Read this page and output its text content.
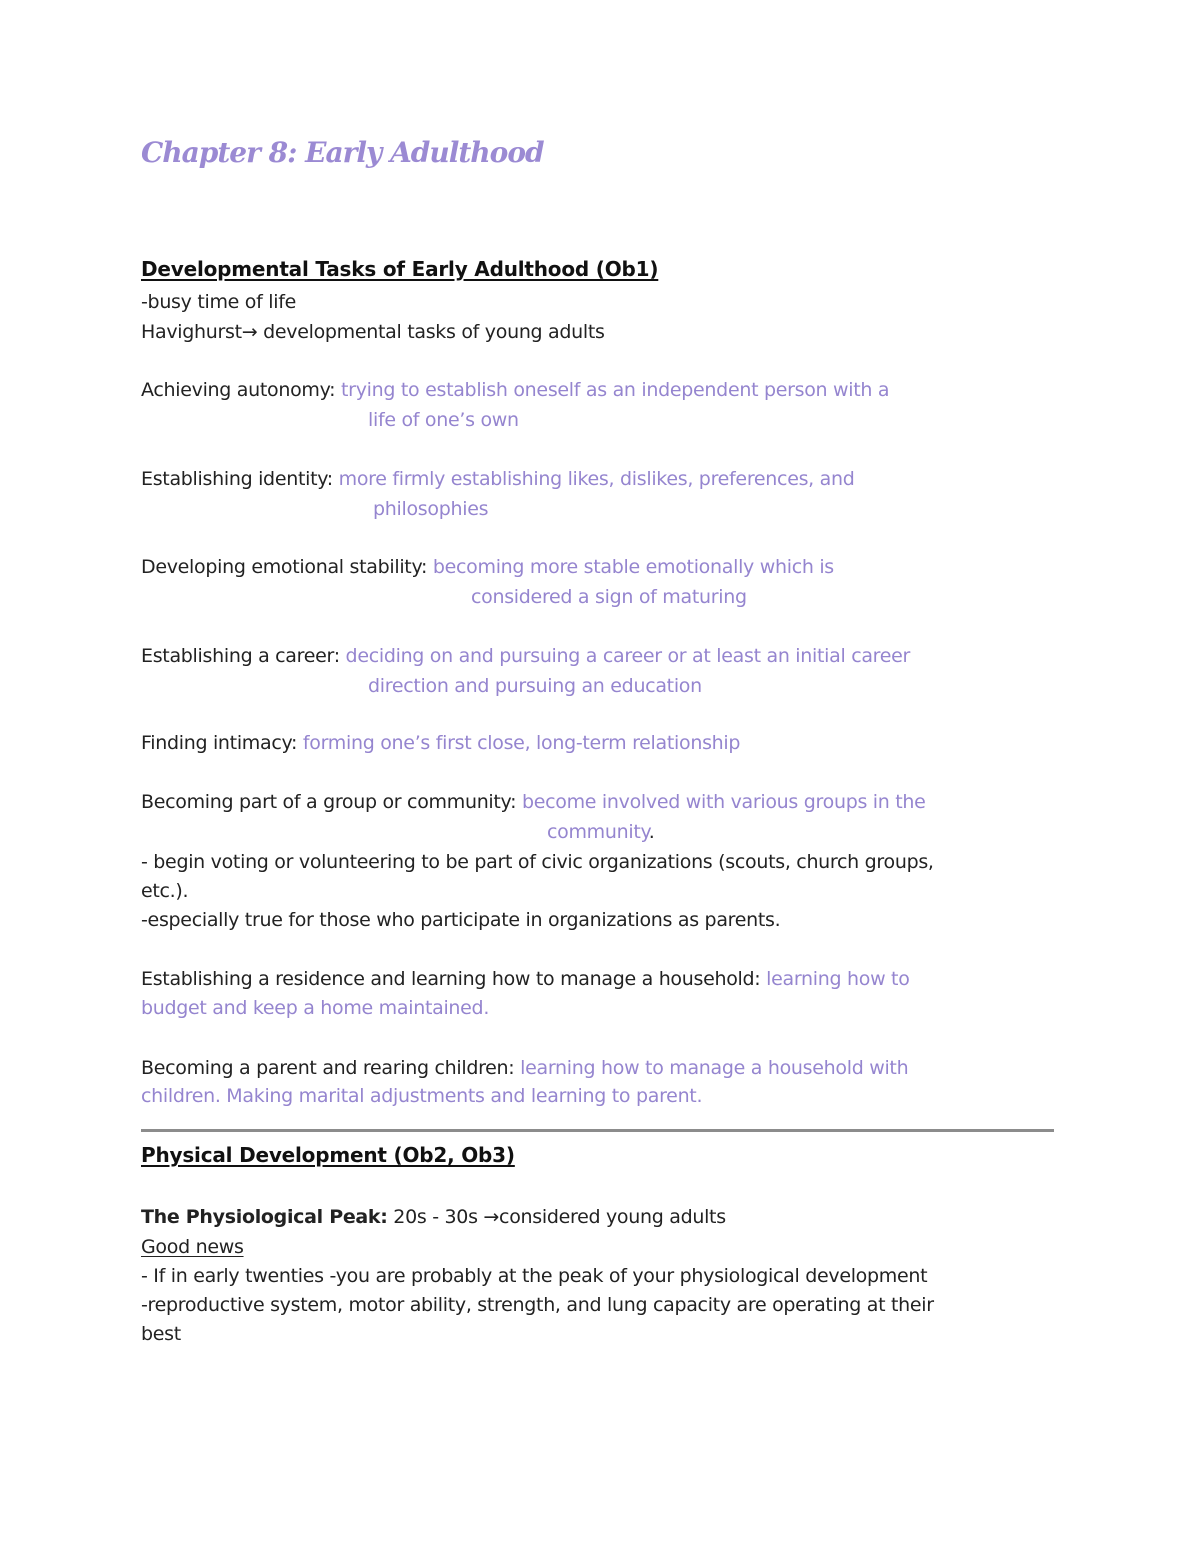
Chapter 8: Early Adulthood
Developmental Tasks of Early Adulthood (Ob1)

-busy time of life

Havighurst→ developmental tasks of young adults

Achieving autonomy: trying to establish oneself as an independent person with a

life of one’s own

Establishing identity: more firmly establishing likes, dislikes, preferences, and

philosophies

Developing emotional stability: becoming more stable emotionally which is

considered a sign of maturing

Establishing a career: deciding on and pursuing a career or at least an initial career

direction and pursuing an education

Finding intimacy: forming one’s first close, long-term relationship

Becoming part of a group or community: become involved with various groups in the

community.

- begin voting or volunteering to be part of civic organizations (scouts, church groups,

etc.).

-especially true for those who participate in organizations as parents.

Establishing a residence and learning how to manage a household: learning how to

budget and keep a home maintained.

Becoming a parent and rearing children: learning how to manage a household with

children. Making marital adjustments and learning to parent.

Physical Development (Ob2, Ob3)

The Physiological Peak: 20s - 30s →considered young adults

Good news

- If in early twenties -you are probably at the peak of your physiological development

-reproductive system, motor ability, strength, and lung capacity are operating at their

best
